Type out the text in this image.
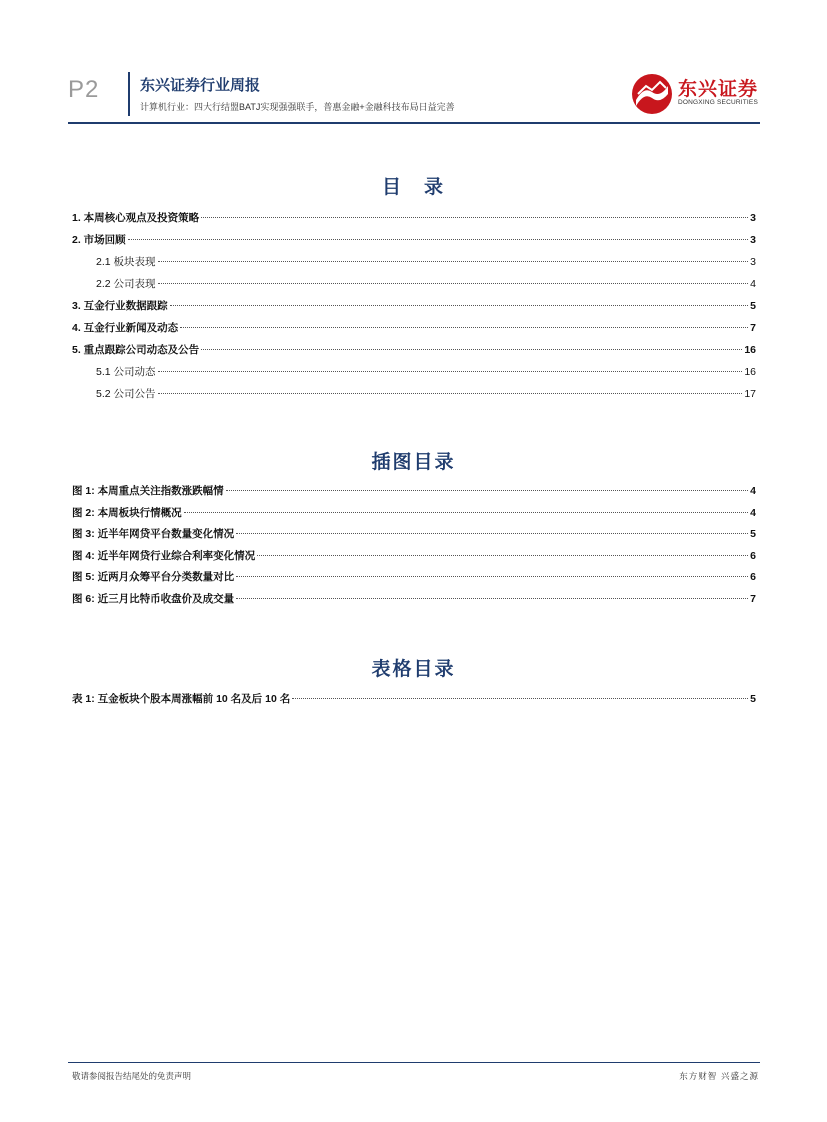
P2	东兴证券行业周报
计算机行业：四大行结盟BATJ实现强强联手，普惠金融+金融科技布局日益完善
东兴证券
DONGXING SECURITIES
目　录
1. 本周核心观点及投资策略	3
2. 市场回顾	3
2.1 板块表现	3
2.2 公司表现	4
3. 互金行业数据跟踪	5
4. 互金行业新闻及动态	7
5. 重点跟踪公司动态及公告	16
5.1 公司动态	16
5.2 公司公告	17
插图目录
图 1: 本周重点关注指数涨跌幅情	4
图 2: 本周板块行情概况	4
图 3: 近半年网贷平台数量变化情况	5
图 4: 近半年网贷行业综合利率变化情况	6
图 5: 近两月众筹平台分类数量对比	6
图 6: 近三月比特币收盘价及成交量	7
表格目录
表 1: 互金板块个股本周涨幅前 10 名及后 10 名	5
敬请参阅报告结尾处的免责声明	东方财智 兴盛之源
